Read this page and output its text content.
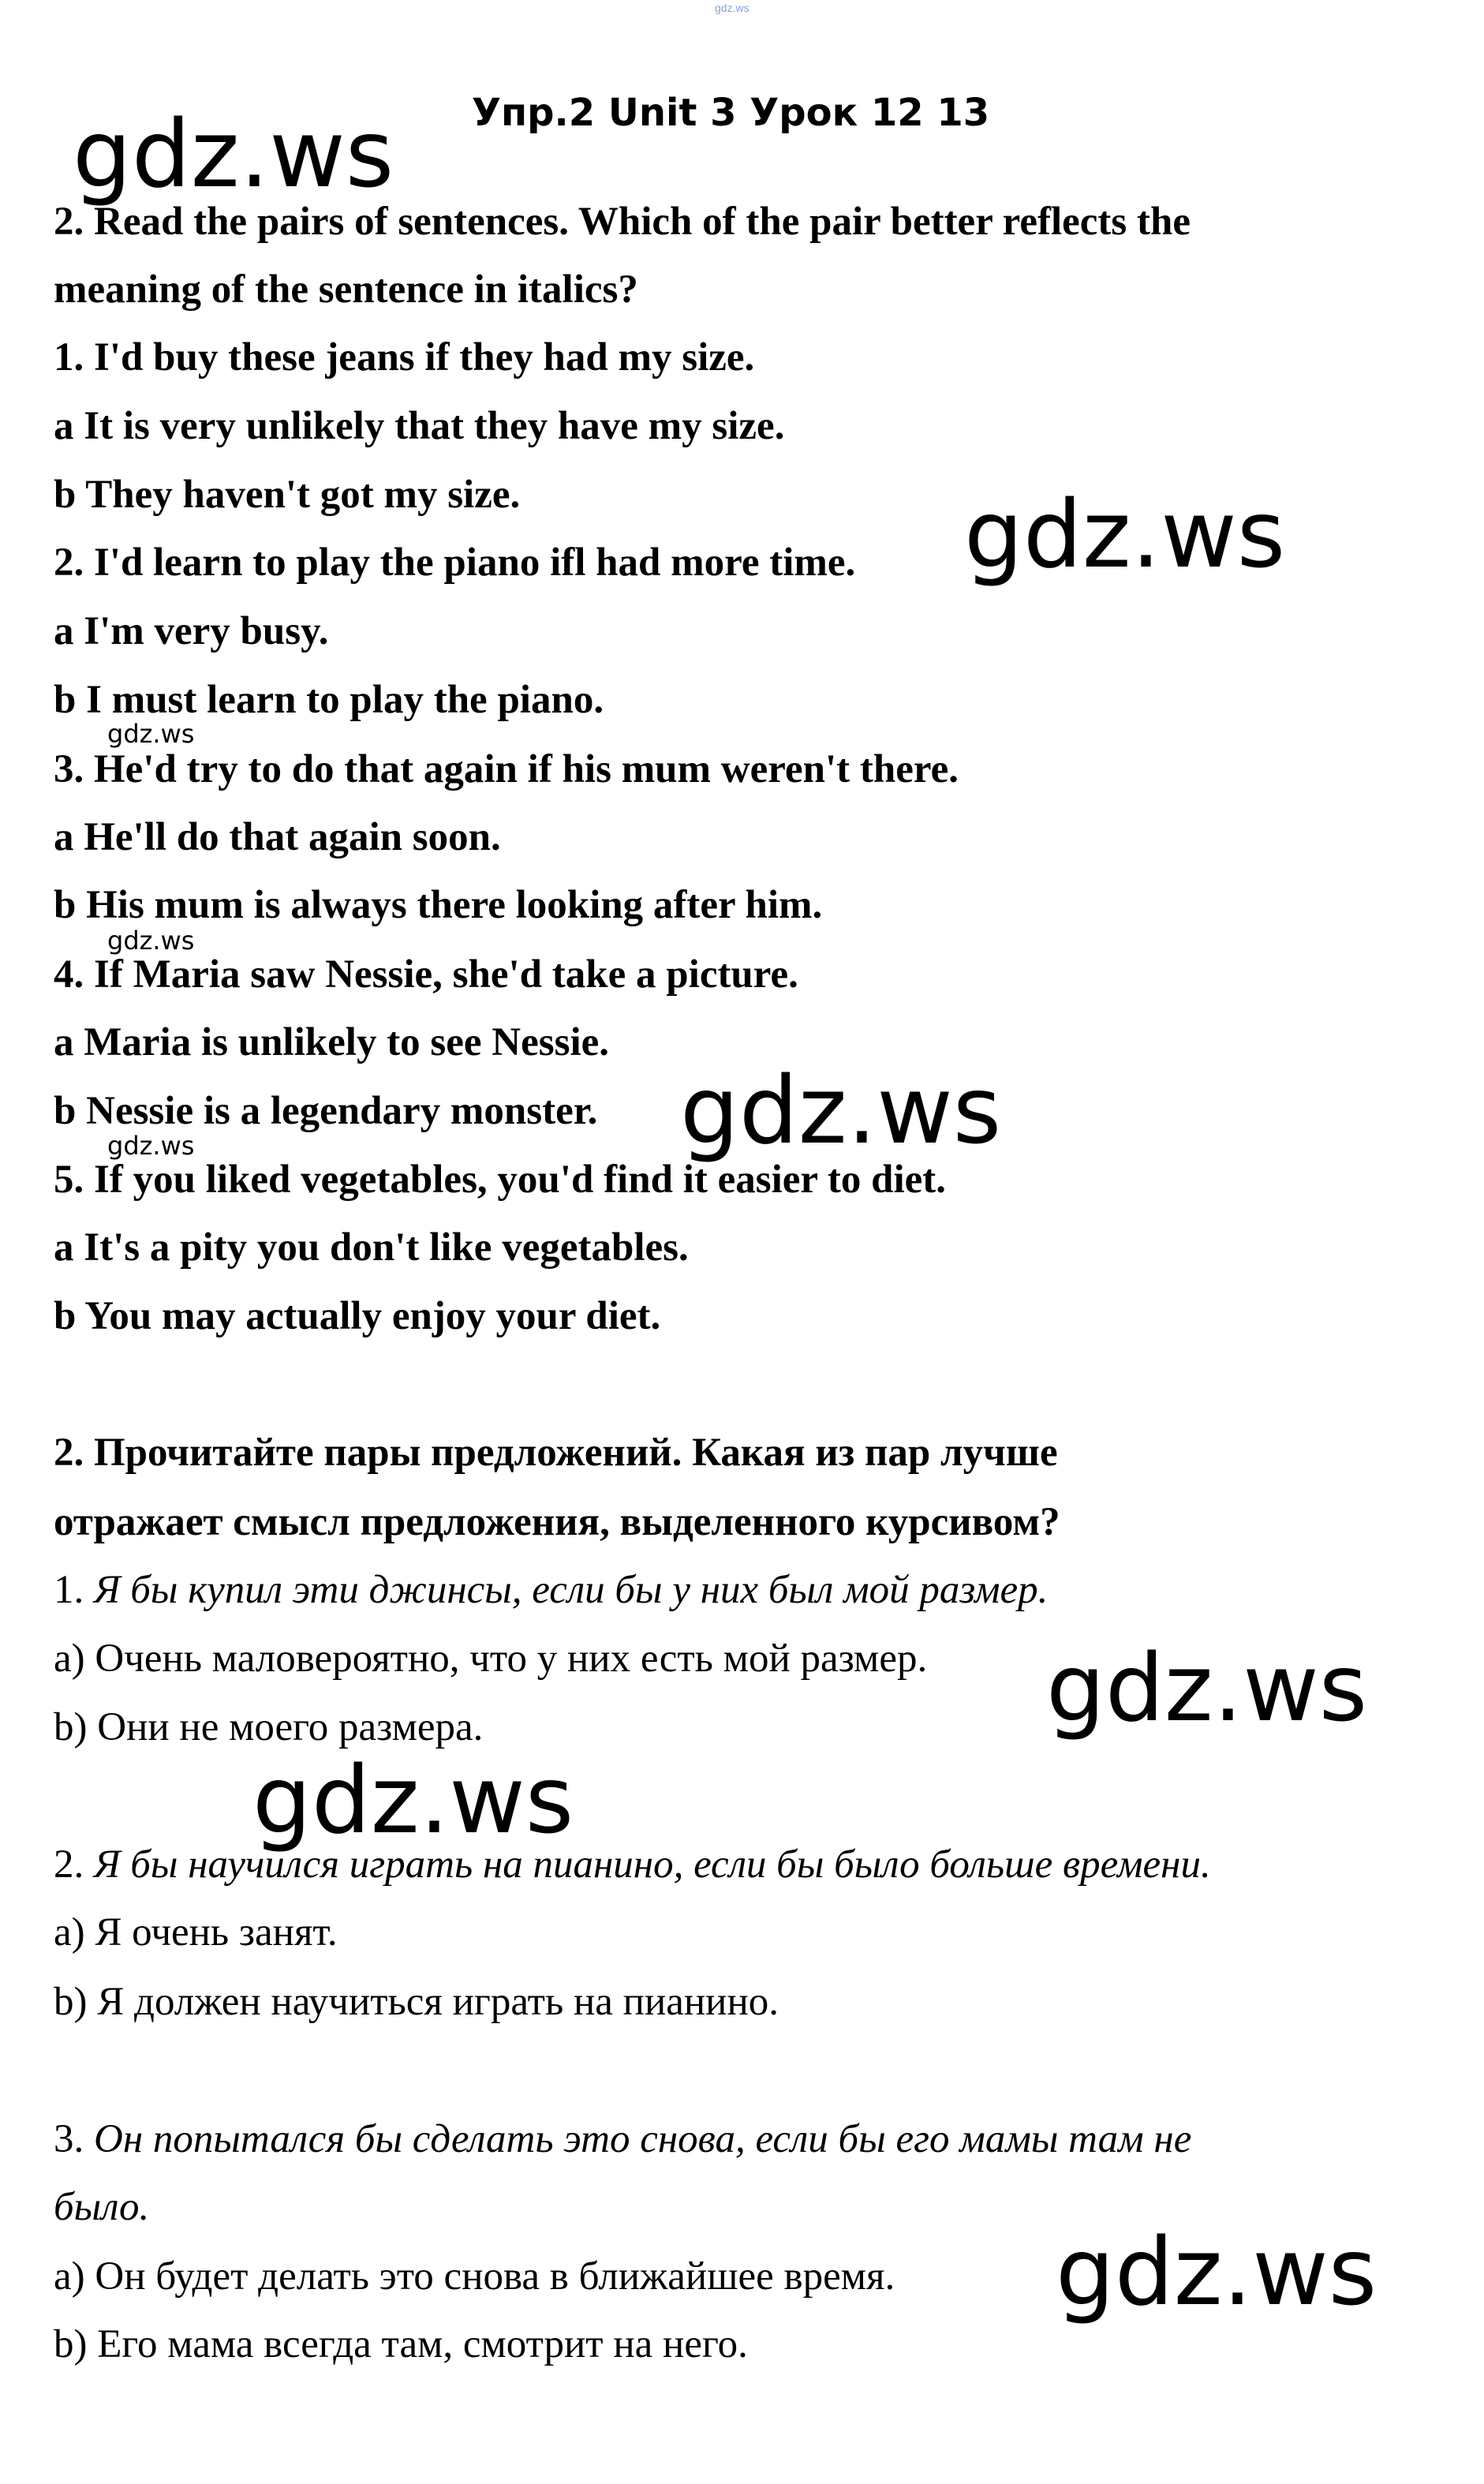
gdz.ws
Упр.2 Unit 3 Урок 12 13
gdz.ws
gdz.ws
gdz.ws
gdz.ws
gdz.ws
gdz.ws
gdz.ws
gdz.ws
gdz.ws
2. Read the pairs of sentences. Which of the pair better reflects the
meaning of the sentence in italics?
1. I'd buy these jeans if they had my size.
a It is very unlikely that they have my size.
b They haven't got my size.
2. I'd learn to play the piano ifl had more time.
a I'm very busy.
b I must learn to play the piano.
3. He'd try to do that again if his mum weren't there.
a He'll do that again soon.
b His mum is always there looking after him.
4. If Maria saw Nessie, she'd take a picture.
a Maria is unlikely to see Nessie.
b Nessie is a legendary monster.
5. If you liked vegetables, you'd find it easier to diet.
a It's a pity you don't like vegetables.
b You may actually enjoy your diet.
2. Прочитайте пары предложений. Какая из пар лучше
отражает смысл предложения, выделенного курсивом?
1. Я бы купил эти джинсы, если бы у них был мой размер.
a) Очень маловероятно, что у них есть мой размер.
b) Они не моего размера.
2. Я бы научился играть на пианино, если бы было больше времени.
a) Я очень занят.
b) Я должен научиться играть на пианино.
3. Он попытался бы сделать это снова, если бы его мамы там не
было.
a) Он будет делать это снова в ближайшее время.
b) Его мама всегда там, смотрит на него.
